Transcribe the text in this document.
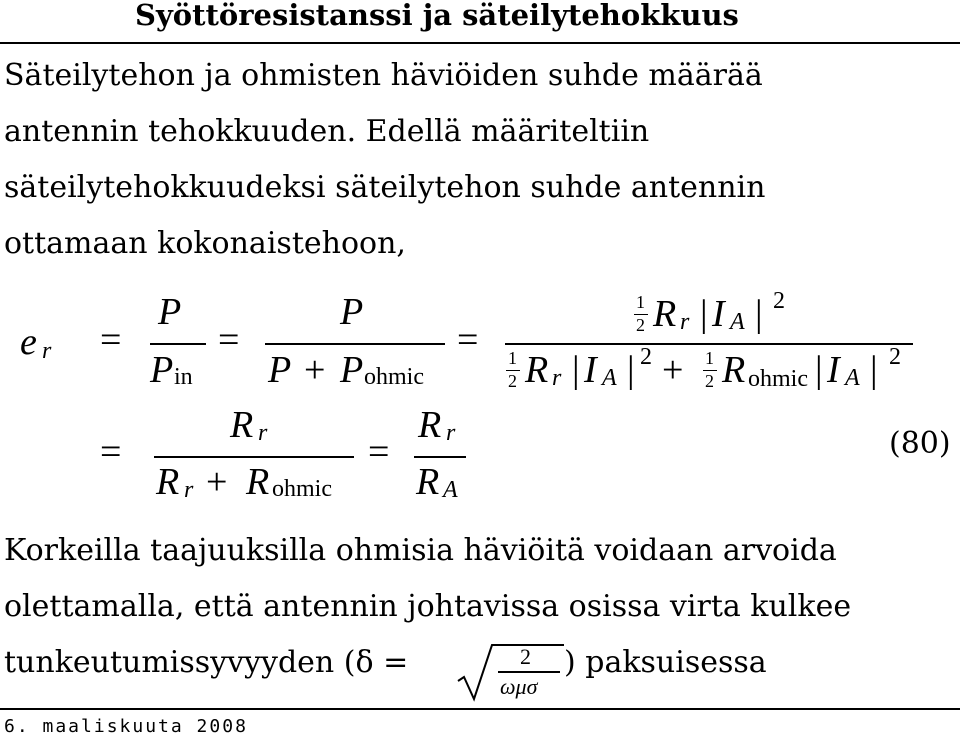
Syöttöresistanssi ja säteilytehokkuus
Säteilytehon ja ohmisten häviöiden suhde määrää
antennin tehokkuuden. Edellä määriteltiin
säteilytehokkuudeksi säteilytehon suhde antennin
ottamaan kokonaistehoon,
e r =
P
P in
=
P
P + P ohmic
=
1
2 R r | I A | 2
1
2 R r | I A | 2 + 1
2 R ohmic | I A | 2
=
R r
R r + R ohmic
=
R r
R A
(80)
Korkeilla taajuuksilla ohmisia häviöitä voidaan arvoida
olettamalla, että antennin johtavissa osissa virta kulkee
tunkeutumissyvyyden (δ =	2
ωμσ
) paksuisessa
6. maaliskuuta 2008
